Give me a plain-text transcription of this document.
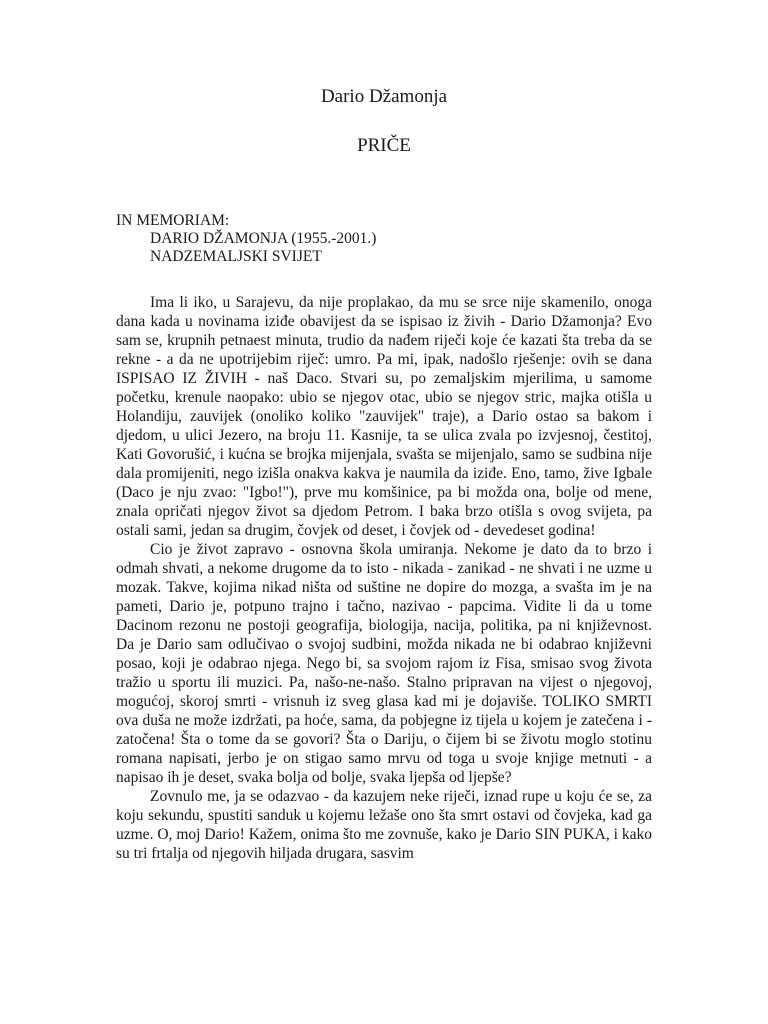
Dario Džamonja
PRIČE
IN MEMORIAM:
DARIO DŽAMONJA (1955.-2001.)
NADZEMALJSKI SVIJET

Ima li iko, u Sarajevu, da nije proplakao, da mu se srce nije skamenilo, onoga dana kada u novinama iziđe obavijest da se ispisao iz živih - Dario Džamonja? Evo sam se, krupnih petnaest minuta, trudio da nađem riječi koje će kazati šta treba da se rekne - a da ne upotrijebim riječ: umro. Pa mi, ipak, nadošlo rješenje: ovih se dana ISPISAO IZ ŽIVIH - naš Daco. Stvari su, po zemaljskim mjerilima, u samome početku, krenule naopako: ubio se njegov otac, ubio se njegov stric, majka otišla u Holandiju, zauvijek (onoliko koliko "zauvijek" traje), a Dario ostao sa bakom i djedom, u ulici Jezero, na broju 11. Kasnije, ta se ulica zvala po izvjesnoj, čestitoj, Kati Govorušić, i kućna se brojka mijenjala, svašta se mijenjalo, samo se sudbina nije dala promijeniti, nego izišla onakva kakva je naumila da iziđe. Eno, tamo, žive Igbale (Daco je nju zvao: "Igbo!"), prve mu komšinice, pa bi možda ona, bolje od mene, znala opričati njegov život sa djedom Petrom. I baka brzo otišla s ovog svijeta, pa ostali sami, jedan sa drugim, čovjek od deset, i čovjek od - devedeset godina!

Cio je život zapravo - osnovna škola umiranja. Nekome je dato da to brzo i odmah shvati, a nekome drugome da to isto - nikada - zanikad - ne shvati i ne uzme u mozak. Takve, kojima nikad ništa od suštine ne dopire do mozga, a svašta im je na pameti, Dario je, potpuno trajno i tačno, nazivao - papcima. Vidite li da u tome Dacinom rezonu ne postoji geografija, biologija, nacija, politika, pa ni književnost. Da je Dario sam odlučivao o svojoj sudbini, možda nikada ne bi odabrao književni posao, koji je odabrao njega. Nego bi, sa svojom rajom iz Fisa, smisao svog života tražio u sportu ili muzici. Pa, našo-ne-našo. Stalno pripravan na vijest o njegovoj, mogućoj, skoroj smrti - vrisnuh iz sveg glasa kad mi je dojaviše. TOLIKO SMRTI ova duša ne može izdržati, pa hoće, sama, da pobjegne iz tijela u kojem je zatečena i - zatočena! Šta o tome da se govori? Šta o Dariju, o čijem bi se životu moglo stotinu romana napisati, jerbo je on stigao samo mrvu od toga u svoje knjige metnuti - a napisao ih je deset, svaka bolja od bolje, svaka ljepša od ljepše?

Zovnulo me, ja se odazvao - da kazujem neke riječi, iznad rupe u koju će se, za koju sekundu, spustiti sanduk u kojemu ležaše ono šta smrt ostavi od čovjeka, kad ga uzme. O, moj Dario! Kažem, onima što me zovnuše, kako je Dario SIN PUKA, i kako su tri frtalja od njegovih hiljada drugara, sasvim
